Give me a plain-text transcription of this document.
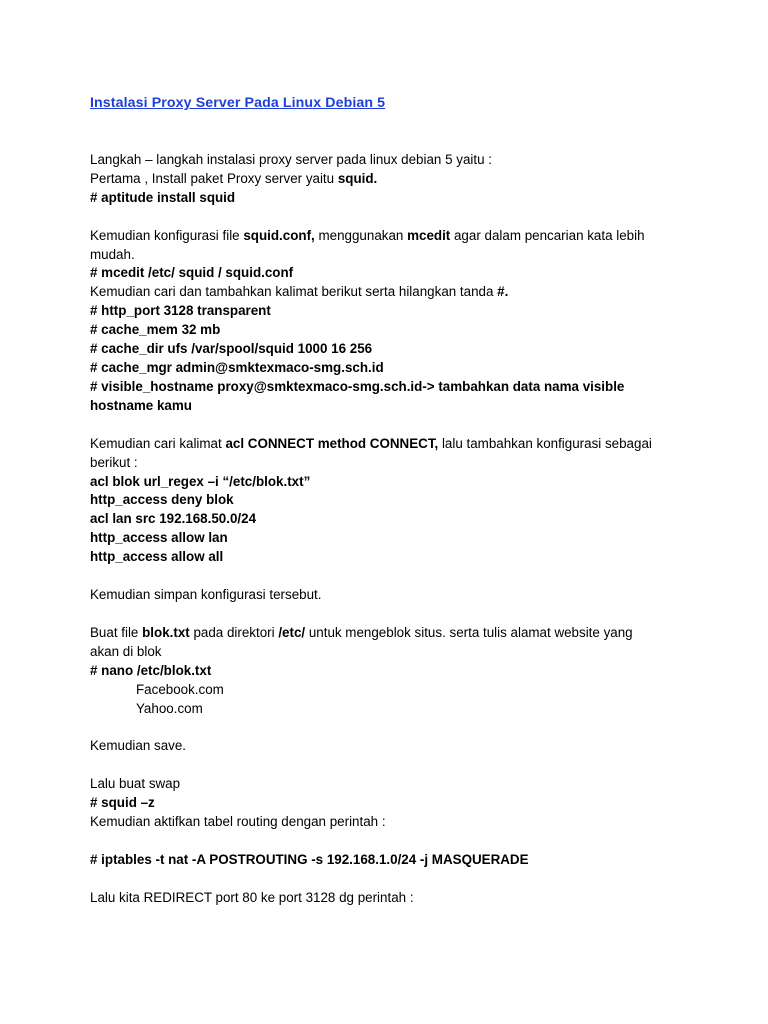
Instalasi Proxy Server Pada Linux Debian 5
Langkah – langkah instalasi proxy server pada linux debian 5 yaitu :
Pertama , Install paket Proxy server yaitu squid.
# aptitude install squid
Kemudian konfigurasi file squid.conf, menggunakan mcedit agar dalam pencarian kata lebih
mudah.
# mcedit /etc/ squid / squid.conf
Kemudian cari dan tambahkan kalimat berikut serta hilangkan tanda #.
# http_port 3128 transparent
# cache_mem 32 mb
# cache_dir ufs /var/spool/squid 1000 16 256
# cache_mgr admin@smktexmaco-smg.sch.id
# visible_hostname proxy@smktexmaco-smg.sch.id-> tambahkan data nama visible
hostname kamu
Kemudian cari kalimat acl CONNECT method CONNECT, lalu tambahkan konfigurasi sebagai
berikut :
acl blok url_regex –i “/etc/blok.txt”
http_access deny blok
acl lan src 192.168.50.0/24
http_access allow lan
http_access allow all
Kemudian simpan konfigurasi tersebut.
Buat file blok.txt pada direktori /etc/ untuk mengeblok situs. serta tulis alamat website yang
akan di blok
# nano /etc/blok.txt
Facebook.com
Yahoo.com
Kemudian save.
Lalu buat swap
# squid –z
Kemudian aktifkan tabel routing dengan perintah :
# iptables -t nat -A POSTROUTING -s 192.168.1.0/24 -j MASQUERADE
Lalu kita REDIRECT port 80 ke port 3128 dg perintah :
